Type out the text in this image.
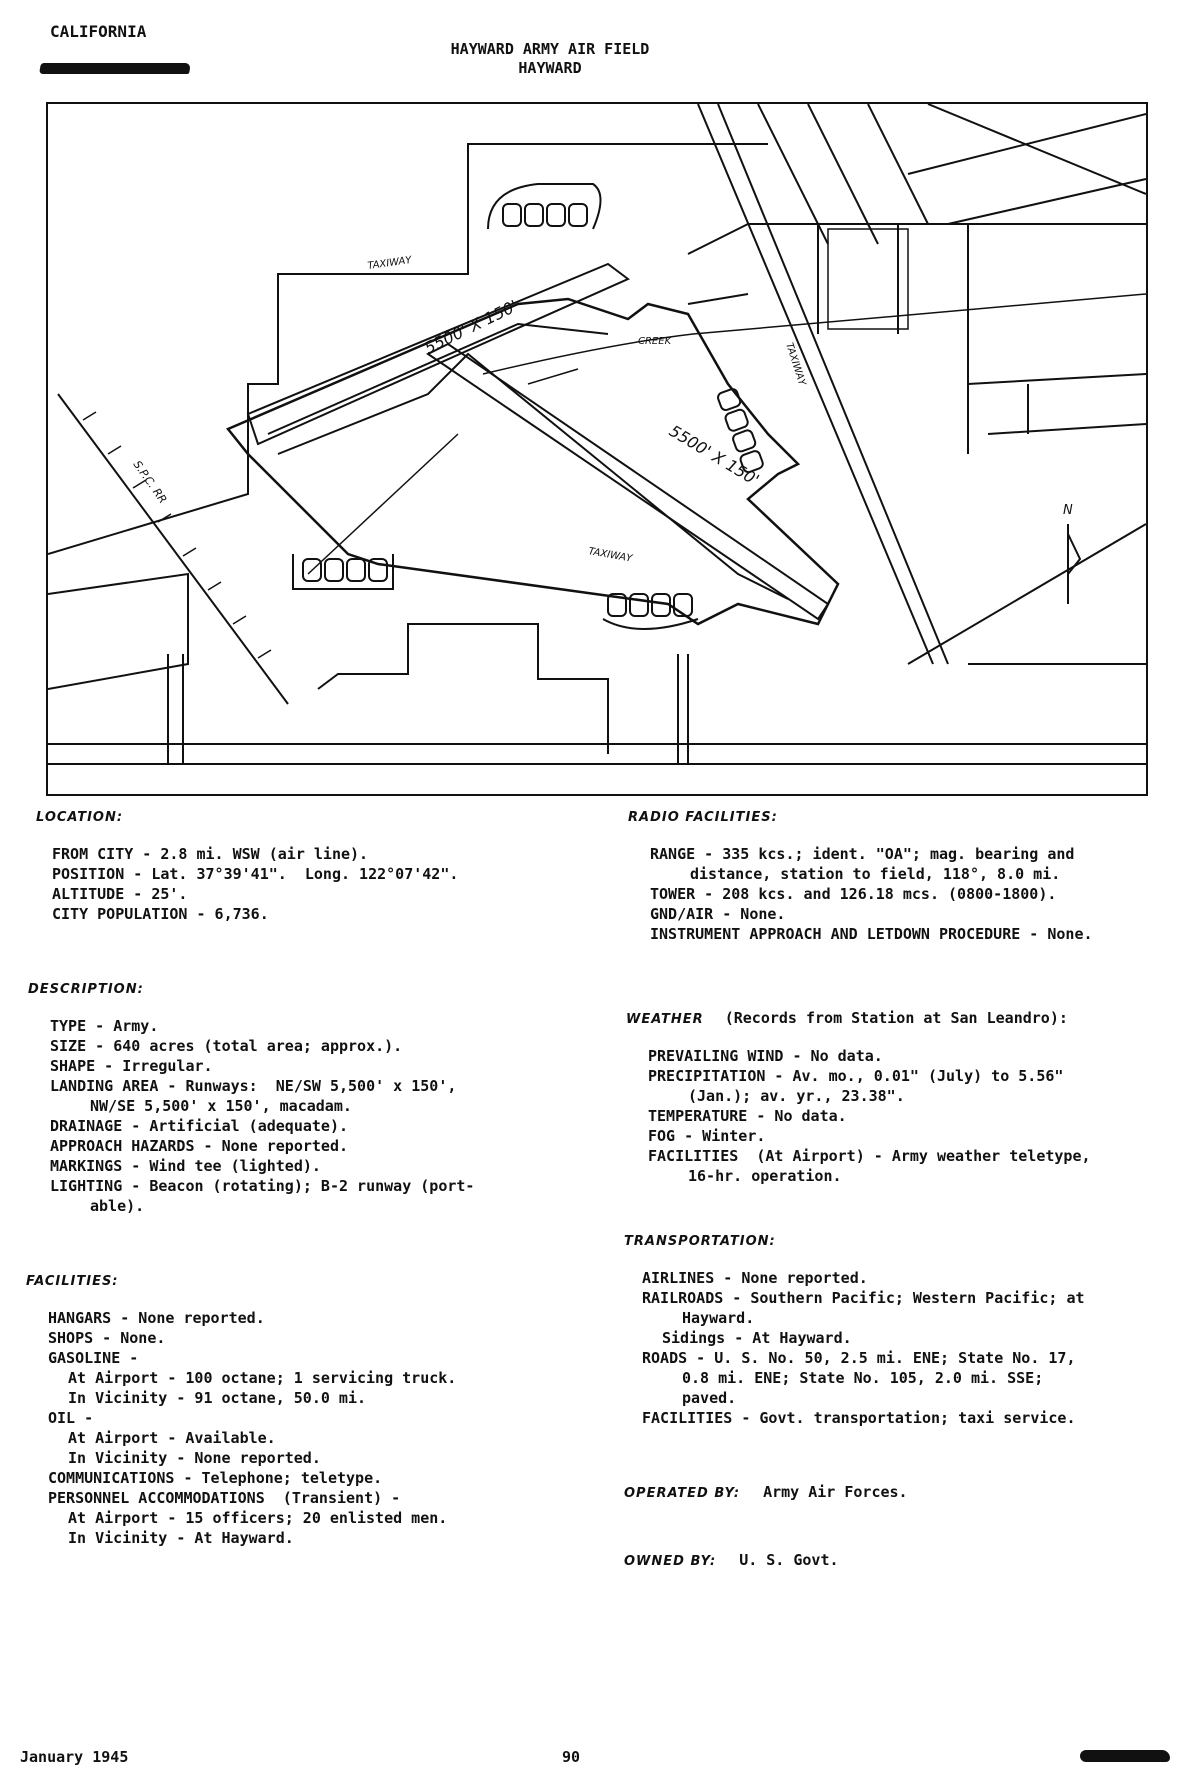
CALIFORNIA
HAYWARD ARMY AIR FIELD
HAYWARD
N
5500' X 150'
5500' X 150'
TAXIWAY
TAXIWAY
TAXIWAY
CREEK
S.P.C. RR
LOCATION:
FROM CITY - 2.8 mi. WSW (air line).
POSITION - Lat. 37°39'41".  Long. 122°07'42".
ALTITUDE - 25'.
CITY POPULATION - 6,736.
DESCRIPTION:
TYPE - Army.
SIZE - 640 acres (total area; approx.).
SHAPE - Irregular.
LANDING AREA - Runways:  NE/SW 5,500' x 150',
NW/SE 5,500' x 150', macadam.
DRAINAGE - Artificial (adequate).
APPROACH HAZARDS - None reported.
MARKINGS - Wind tee (lighted).
LIGHTING - Beacon (rotating); B-2 runway (port-
able).
FACILITIES:
HANGARS - None reported.
SHOPS - None.
GASOLINE -
At Airport - 100 octane; 1 servicing truck.
In Vicinity - 91 octane, 50.0 mi.
OIL -
At Airport - Available.
In Vicinity - None reported.
COMMUNICATIONS - Telephone; teletype.
PERSONNEL ACCOMMODATIONS  (Transient) -
At Airport - 15 officers; 20 enlisted men.
In Vicinity - At Hayward.
RADIO FACILITIES:
RANGE - 335 kcs.; ident. "OA"; mag. bearing and
distance, station to field, 118°, 8.0 mi.
TOWER - 208 kcs. and 126.18 mcs. (0800-1800).
GND/AIR - None.
INSTRUMENT APPROACH AND LETDOWN PROCEDURE - None.
WEATHER (Records from Station at San Leandro):
PREVAILING WIND - No data.
PRECIPITATION - Av. mo., 0.01" (July) to 5.56"
(Jan.); av. yr., 23.38".
TEMPERATURE - No data.
FOG - Winter.
FACILITIES  (At Airport) - Army weather teletype,
16-hr. operation.
TRANSPORTATION:
AIRLINES - None reported.
RAILROADS - Southern Pacific; Western Pacific; at
Hayward.
Sidings - At Hayward.
ROADS - U. S. No. 50, 2.5 mi. ENE; State No. 17,
0.8 mi. ENE; State No. 105, 2.0 mi. SSE;
paved.
FACILITIES - Govt. transportation; taxi service.
OPERATED BY: Army Air Forces.
OWNED BY: U. S. Govt.
January 1945	90
